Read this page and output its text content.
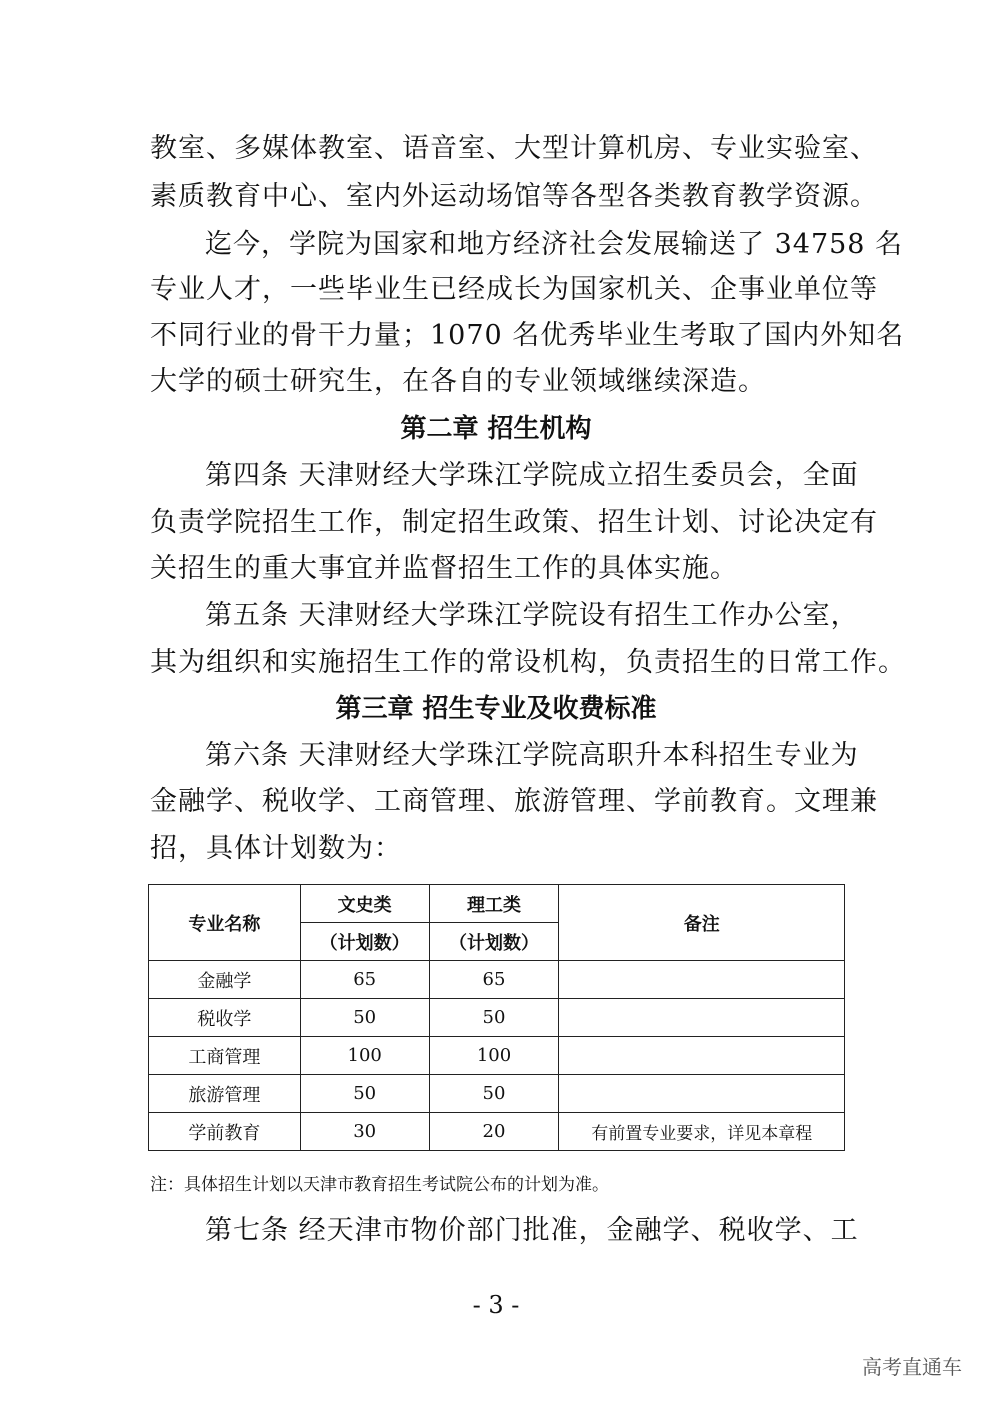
教室、多媒体教室、语音室、大型计算机房、专业实验室、
素质教育中心、室内外运动场馆等各型各类教育教学资源。
迄今，学院为国家和地方经济社会发展输送了 34758 名
专业人才，一些毕业生已经成长为国家机关、企事业单位等
不同行业的骨干力量；1070 名优秀毕业生考取了国内外知名
大学的硕士研究生，在各自的专业领域继续深造。
第二章 招生机构
第四条 天津财经大学珠江学院成立招生委员会，全面
负责学院招生工作，制定招生政策、招生计划、讨论决定有
关招生的重大事宜并监督招生工作的具体实施。
第五条 天津财经大学珠江学院设有招生工作办公室，
其为组织和实施招生工作的常设机构，负责招生的日常工作。
第三章 招生专业及收费标准
第六条 天津财经大学珠江学院高职升本科招生专业为
金融学、税收学、工商管理、旅游管理、学前教育。文理兼
招，具体计划数为：
专业名称	文史类	理工类	备注
	（计划数）	（计划数）	
金融学	65	65	
税收学	50	50	
工商管理	100	100	
旅游管理	50	50	
学前教育	30	20	有前置专业要求，详见本章程
注：具体招生计划以天津市教育招生考试院公布的计划为准。
第七条 经天津市物价部门批准，金融学、税收学、工
- 3 -
高考直通车
